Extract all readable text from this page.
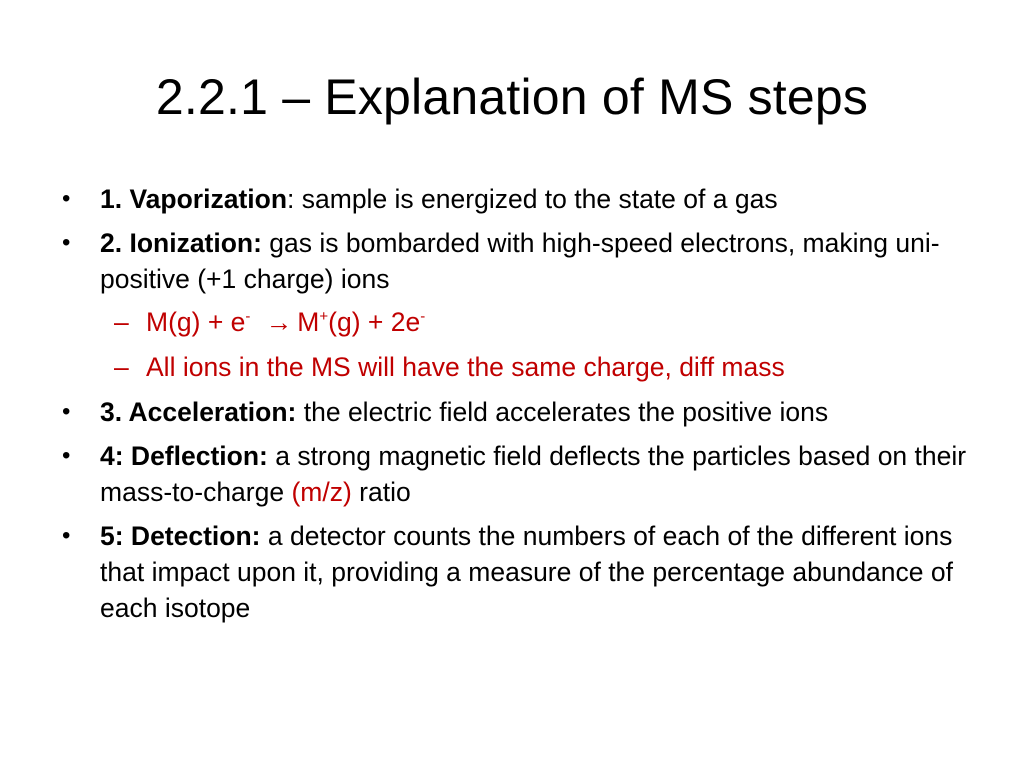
2.2.1 – Explanation of MS steps
• 1. Vaporization: sample is energized to the state of a gas
• 2. Ionization: gas is bombarded with high-speed electrons, making uni-positive (+1 charge) ions
– M(g) + e- → M+(g) + 2e-
– All ions in the MS will have the same charge, diff mass
• 3. Acceleration: the electric field accelerates the positive ions
• 4: Deflection: a strong magnetic field deflects the particles based on their mass-to-charge (m/z) ratio
• 5: Detection: a detector counts the numbers of each of the different ions that impact upon it, providing a measure of the percentage abundance of each isotope
